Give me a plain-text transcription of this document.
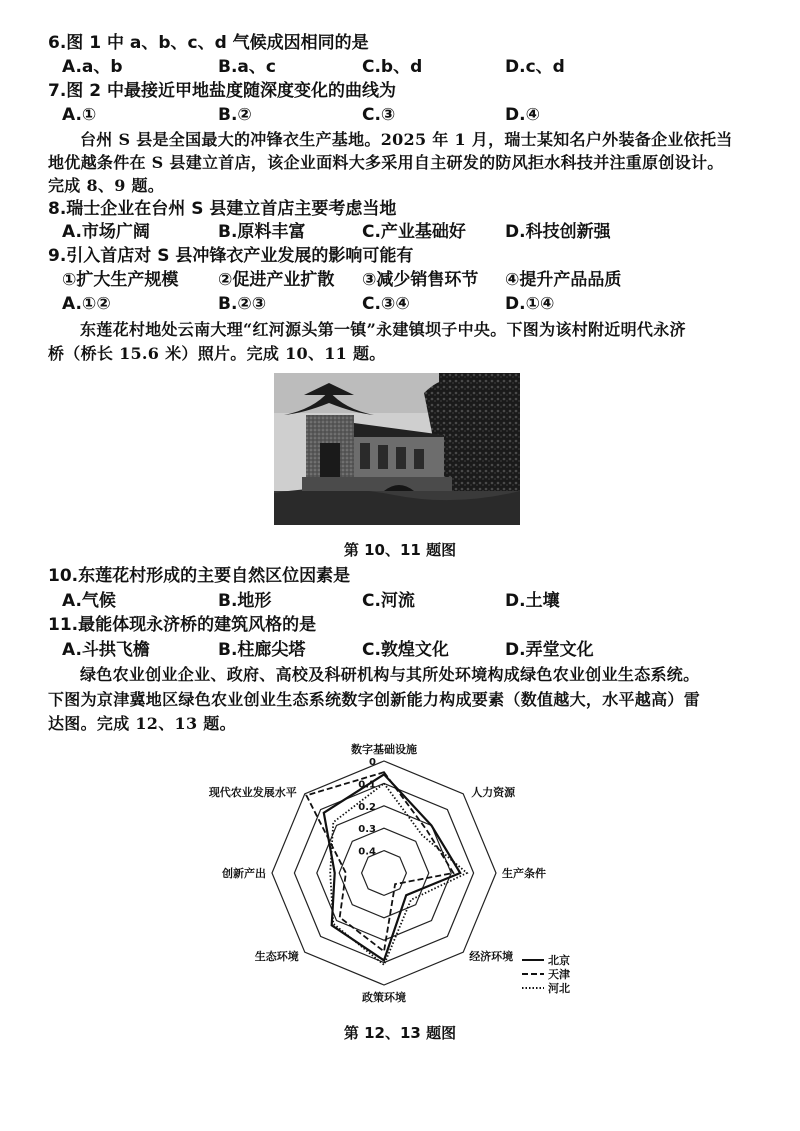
6.图 1 中 a、b、c、d 气候成因相同的是
A.a、b	B.a、c	C.b、d	D.c、d
7.图 2 中最接近甲地盐度随深度变化的曲线为
A.①	B.②	C.③	D.④
台州 S 县是全国最大的冲锋衣生产基地。2025 年 1 月，瑞士某知名户外装备企业依托当
地优越条件在 S 县建立首店，该企业面料大多采用自主研发的防风拒水科技并注重原创设计。
完成 8、9 题。
8.瑞士企业在台州 S 县建立首店主要考虑当地
A.市场广阔	B.原料丰富	C.产业基础好 D.科技创新强
9.引入首店对 S 县冲锋衣产业发展的影响可能有
①扩大生产规模 ②促进产业扩散 ③减少销售环节 ④提升产品品质
A.①②	B.②③	C.③④	D.①④
东莲花村地处云南大理“红河源头第一镇”永建镇坝子中央。下图为该村附近明代永济
桥（桥长 15.6 米）照片。完成 10、11 题。
第 10、11 题图
10.东莲花村形成的主要自然区位因素是
A.气候	B.地形	C.河流	D.土壤
11.最能体现永济桥的建筑风格的是
A.斗拱飞檐	B.柱廊尖塔	C.敦煌文化	D.弄堂文化
绿色农业创业企业、政府、高校及科研机构与其所处环境构成绿色农业创业生态系统。
下图为京津冀地区绿色农业创业生态系统数字创新能力构成要素（数值越大，水平越高）雷
达图。完成 12、13 题。
0
0.1
0.2
0.3
0.4
数字基础设施
人力资源
生产条件
经济环境
政策环境
生态环境
创新产出
现代农业发展水平
北京
天津
河北
第 12、13 题图
